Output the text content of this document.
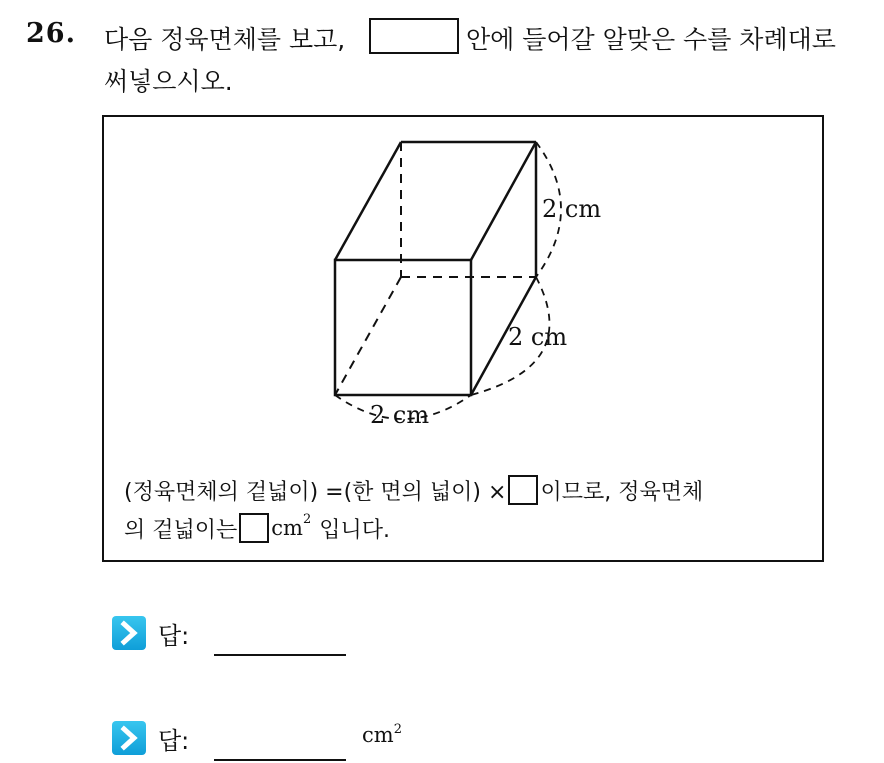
26. 다음 정육면체를 보고,	안에 들어갈 알맞은 수를 차례대로
써넣으시오.
2 cm
2 cm
2 cm
(정육면체의 겉넓이) =(한 면의 넓이) × 이므로, 정육면체
의 겉넓이는 cm 2 입니다.
답:
답:	$cm^2$
